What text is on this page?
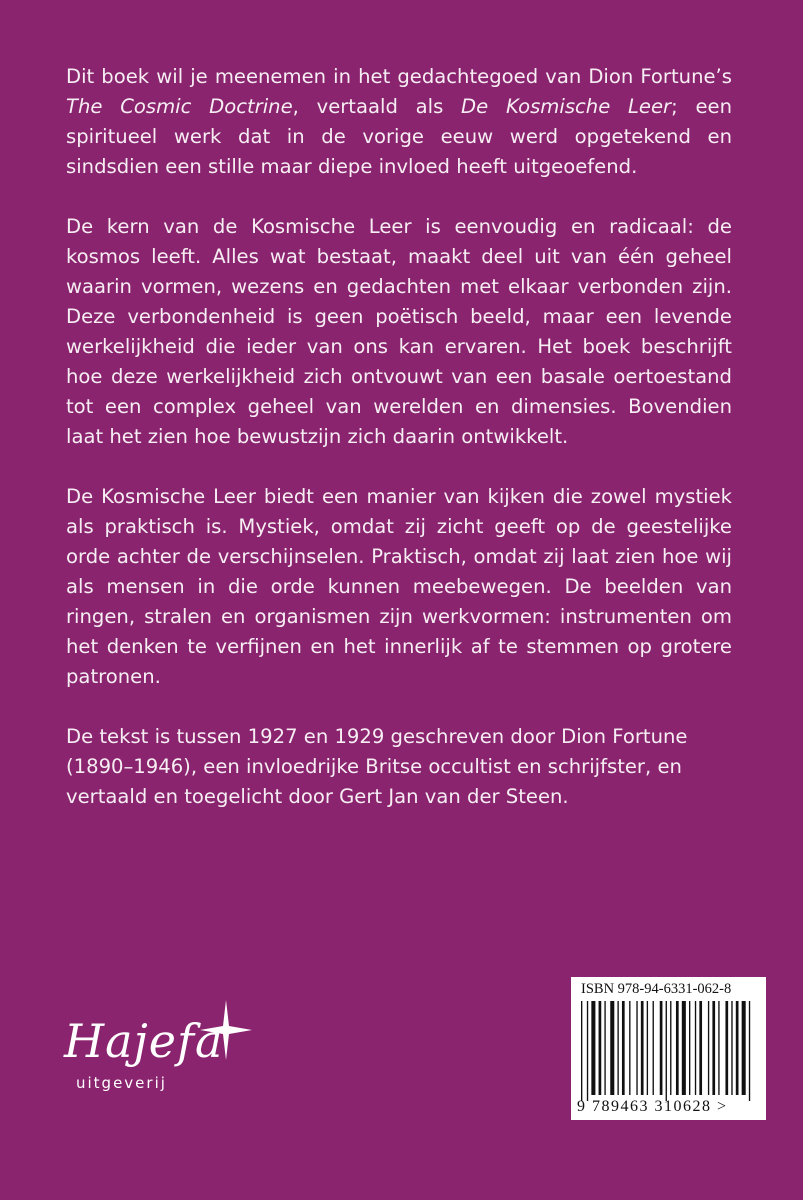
Dit boek wil je meenemen in het gedachtegoed van Dion Fortune’s The Cosmic Doctrine, vertaald als De Kosmische Leer; een spiritueel werk dat in de vorige eeuw werd opgetekend en sindsdien een stille maar diepe invloed heeft uitgeoefend.

De kern van de Kosmische Leer is eenvoudig en radicaal: de kosmos leeft. Alles wat bestaat, maakt deel uit van één geheel waarin vormen, wezens en gedachten met elkaar verbonden zijn. Deze verbondenheid is geen poëtisch beeld, maar een levende werkelijkheid die ieder van ons kan ervaren. Het boek beschrijft hoe deze werkelijkheid zich ontvouwt van een basale oertoestand tot een complex geheel van werelden en dimensies. Bovendien laat het zien hoe bewustzijn zich daarin ontwikkelt.

De Kosmische Leer biedt een manier van kijken die zowel mystiek als praktisch is. Mystiek, omdat zij zicht geeft op de geestelijke orde achter de verschijnselen. Praktisch, omdat zij laat zien hoe wij als mensen in die orde kunnen meebewegen. De beelden van ringen, stralen en organismen zijn werkvormen: instrumenten om het denken te verfijnen en het innerlijk af te stemmen op grotere patronen.

De tekst is tussen 1927 en 1929 geschreven door Dion Fortune (1890–1946), een invloedrijke Britse occultist en schrijfster, en vertaald en toegelicht door Gert Jan van der Steen.

Hajefa
uitgeverij
ISBN 978-94-6331-062-8
9 789463 310628 >
